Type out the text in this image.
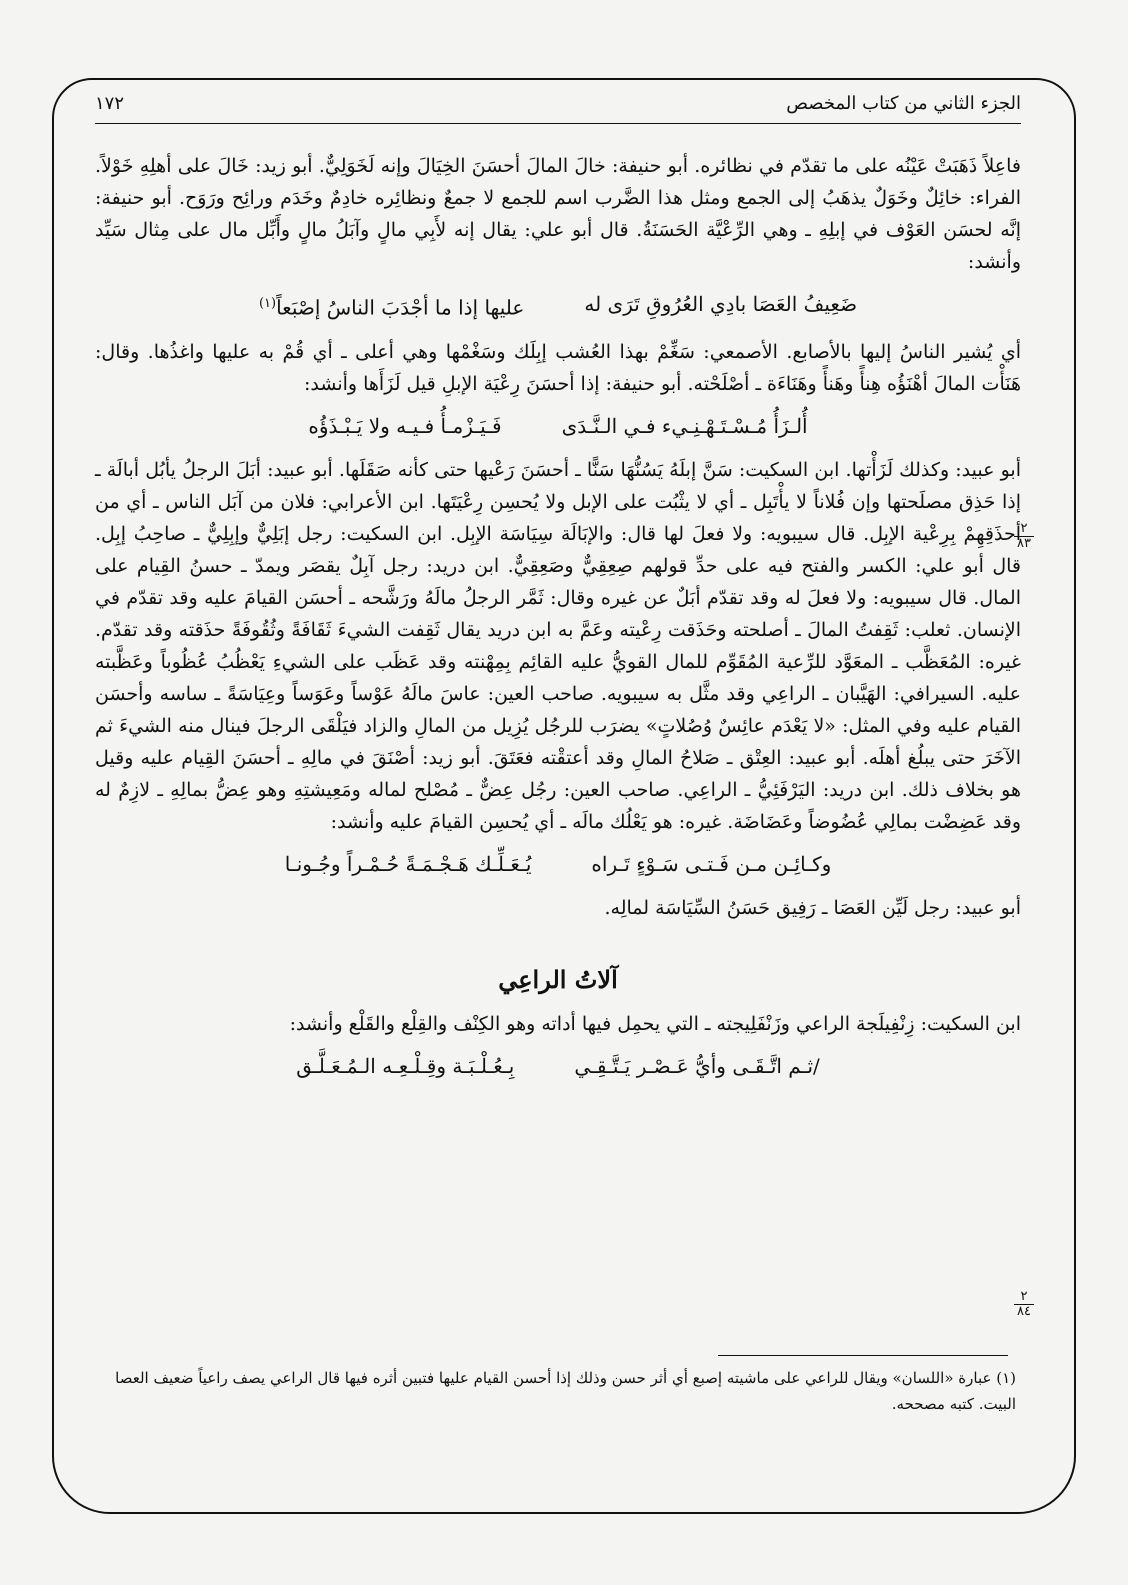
الجزء الثاني من كتاب المخصص
١٧٢

فاعِلاً ذَهَبَتْ عَيْنُه على ما تقدّم في نظائره. أبو حنيفة: خالَ المالَ أحسَنَ الخِيَالَ وإنه لَخَوَلِيٌّ. أبو زيد: خَالَ على أهلِهِ خَوْلاً. الفراء: خائِلٌ وخَوَلٌ يذهَبُ إلى الجمع ومثل هذا الضَّرب اسم للجمع لا جمعٌ ونظائِره خادِمٌ وخَدَم ورائِح ورَوَح. أبو حنيفة: إنَّه لحسَن العَوْف في إبلِهِ ـ وهي الرِّعْيَّة الحَسَنَةُ. قال أبو علي: يقال إنه لأَبِي مالٍ وآبَلُ مالٍ وأَبِّل مال على مِثال سَيِّد وأنشد:

ضَعِيفُ العَصَا بادِي العُرُوقِ تَرَى له
عليها إذا ما أجْدَبَ الناسُ إصْبَعاً$^{(١)}$

أي يُشير الناسُ إليها بالأصابع. الأصمعي: سَغِّمْ بهذا العُشب إبِلَك وسَغْمْها وهي أعلى ـ أي قُمْ به عليها واغذُها. وقال: هَنَأْت المالَ أهْنَؤُه هِنأً وهَنأً وهَنَاءَة ـ أصْلَحْته. أبو حنيفة: إذا أحسَنَ رِعْيَة الإبلِ قيل لَزَأَها وأنشد:

أُلـزَأُ مُـسْـتَـهْـنِـيء فـي الـنَّـدَى
فَـيَـزْمـأُ فـيـه ولا يَـبْـذَؤُه

أبو عبيد: وكذلك لَزَأْتها. ابن السكيت: سَنَّ إبلَهُ يَسُنُّهَا سَنًّا ـ أحسَنَ رَعْيها حتى كأنه صَقَلَها. أبو عبيد: أبَلَ الرجلُ يأبُل أبالَة ـ إذا حَذِق مصلَحتها وإن فُلاناً لا يأْتَبِل ـ أي لا يثْبُت على الإبل ولا يُحسِن رِعْيَتَها. ابن الأعرابي: فلان من آبَل الناس ـ أي من أحذَقِهِمْ بِرِعْية الإبِل. قال سيبويه: ولا فعلَ لها قال: والإبَالَة سِيَاسَة الإبِل. ابن السكيت: رجل إبَلِيٌّ وإبِلِيٌّ ـ صاحِبُ إبِل. قال أبو علي: الكسر والفتح فيه على حدِّ قولهم صِعِقِيٌّ وصَعِقِيٌّ. ابن دريد: رجل آبِلٌ يقصَر ويمدّ ـ حسنُ القِيام على المال. قال سيبويه: ولا فعلَ له وقد تقدّم أبَلٌ عن غيره وقال: ثَمَّر الرجلُ مالَهُ ورَشَّحه ـ أحسَن القيامَ عليه وقد تقدّم في الإنسان. ثعلب: ثَقِفتُ المالَ ـ أصلحته وحَذَقت رِعْيته وعَمَّ به ابن دريد يقال ثَقِفت الشيءَ ثَقَافَةً وثُقُوفَةً حذَقته وقد تقدّم. غيره: المُعَظَّب ـ المعَوَّد للرِّعية المُقَوِّم للمال القويُّ عليه القائِم بِمِهْنته وقد عَظَب على الشيءِ يَعْظُبُ عُظُوباً وعَظَّبته عليه. السيرافي: الهَيَّبان ـ الراعِي وقد مثَّل به سيبويه. صاحب العين: عاسَ مالَهُ عَوْساً وعَوَساً وعِيَاسَةً ـ ساسه وأحسَن القيام عليه وفي المثل: «لا يَعْدَم عائِسٌ وُصُلاتٍ» يضرَب للرجُل يُزِيل من المالِ والزاد فيَلْقَى الرجلَ فينال منه الشيءَ ثم الآخَرَ حتى يبلُغ أهلَه. أبو عبيد: العِتْق ـ صَلاحُ المالِ وقد أعتقْته فعَتَقَ. أبو زيد: أصْنَقَ في مالِهِ ـ أحسَنَ القِيام عليه وقيل هو بخلاف ذلك. ابن دريد: اليَرْفَئِيُّ ـ الراعِي. صاحب العين: رجُل عِضٌّ ـ مُصْلح لماله ومَعِيشتِهِ وهو عِضُّ بمالِهِ ـ لازِمٌ له وقد عَضِضْت بمالِي عُضُوضاً وعَضَاضَة. غيره: هو يَعْلُك مالَه ـ أي يُحسِن القيامَ عليه وأنشد:

وكـائِـن مـن فَـتـى سَـوْءٍ تَـراه
يُـعَـلِّـك هَـجْـمَـةً حُـمْـراً وجُـونـا

أبو عبيد: رجل لَيِّن العَصَا ـ رَفِيق حَسَنُ السِّيَاسَة لمالِه.

آلاتُ الراعِي

ابن السكيت: زِنْفِيلَجة الراعي وزَنْفَلِيجته ـ التي يحمِل فيها أداته وهو الكِنْف والقِلْع والقَلْع وأنشد:

/ثـم اتَّـقَـى وأيُّ عَـصْـر يَـتَّـقِـي
بِـعُـلْـبَـة وقِـلْـعِـه الـمُـعَـلَّـق
٢
٨٣
٢
٨٤
(١) عبارة «اللسان» ويقال للراعي على ماشيته إصبع أي أثر حسن وذلك إذا أحسن القيام عليها فتبين أثره فيها قال الراعي يصف راعياً ضعيف العصا البيت. كتبه مصححه.
